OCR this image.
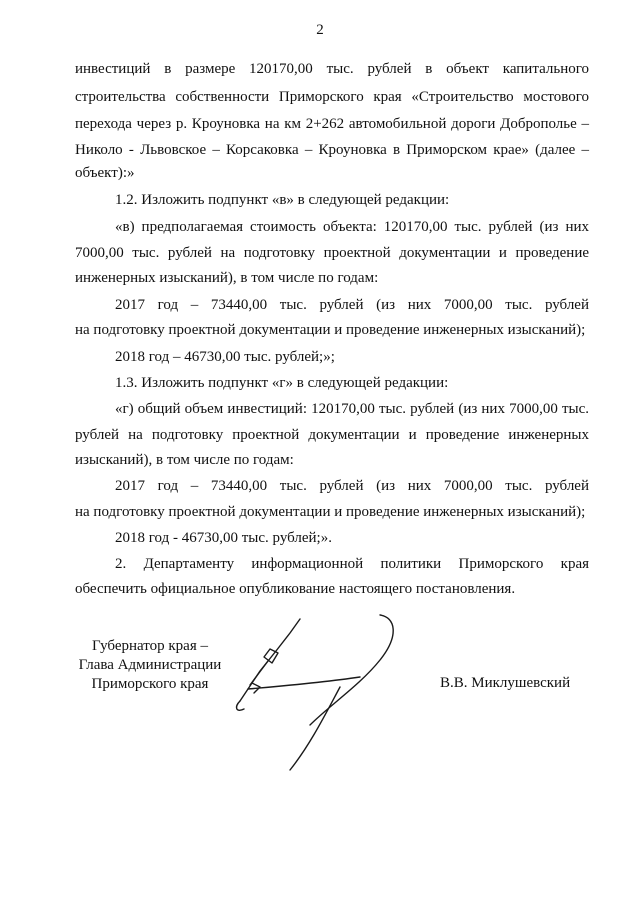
2
инвестиций в размере 120170,00 тыс. рублей в объект капитального
строительства собственности Приморского края «Строительство мостового
перехода через р. Кроуновка на км 2+262 автомобильной дороги Доброполье –
Николо - Львовское – Корсаковка – Кроуновка в Приморском крае» (далее –
объект):»
1.2. Изложить подпункт «в» в следующей редакции:
«в) предполагаемая стоимость объекта: 120170,00 тыс. рублей (из них
7000,00 тыс. рублей на подготовку проектной документации и проведение
инженерных изысканий), в том числе по годам:
2017 год – 73440,00 тыс. рублей (из них 7000,00 тыс. рублей
на подготовку проектной документации и проведение инженерных изысканий);
2018 год – 46730,00 тыс. рублей;»;
1.3. Изложить подпункт «г» в следующей редакции:
«г) общий объем инвестиций: 120170,00 тыс. рублей (из них 7000,00 тыс.
рублей на подготовку проектной документации и проведение инженерных
изысканий), в том числе по годам:
2017 год – 73440,00 тыс. рублей (из них 7000,00 тыс. рублей
на подготовку проектной документации и проведение инженерных изысканий);
2018 год - 46730,00 тыс. рублей;».
2. Департаменту информационной политики Приморского края
обеспечить официальное опубликование настоящего постановления.
Губернатор края –
Глава Администрации
Приморского края	В.В. Миклушевский
